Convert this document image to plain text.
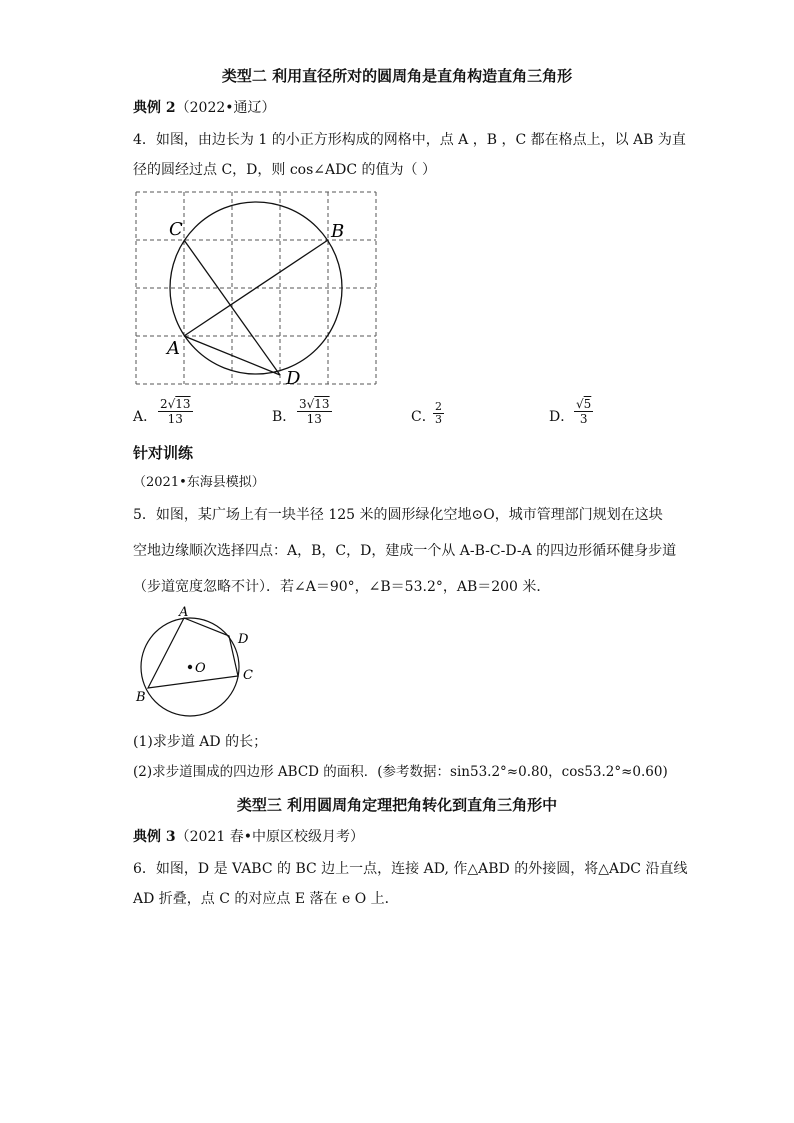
类型二 利用直径所对的圆周角是直角构造直角三角形
典例 2（2022•通辽）
4．如图，由边长为 1 的小正方形构成的网格中，点 A ，B ，C 都在格点上，以 AB 为直
径的圆经过点 C，D，则 cos∠ADC 的值为（ ）
C	B
A
D
A． $\frac{2√13}{13}$	B． $\frac{3√13}{13}$	C．
$\frac{2}{3}$	D． $\frac{√5}{3}$
针对训练
（2021•东海县模拟）
5．如图，某广场上有一块半径 125 米的圆形绿化空地⊙O，城市管理部门规划在这块
空地边缘顺次选择四点：A，B，C，D，建成一个从 A-B-C-D-A 的四边形循环健身步道
（步道宽度忽略不计）．若∠A＝90°，∠B＝53.2°，AB＝200 米．
O
A
D
C
B
(1)求步道 AD 的长；
(2)求步道围成的四边形 ABCD 的面积．(参考数据：sin53.2°≈0.80，cos53.2°≈0.60)
类型三 利用圆周角定理把角转化到直角三角形中
典例 3（2021 春•中原区校级月考）
6．如图，D 是 VABC 的 BC 边上一点，连接 AD, 作△ABD 的外接圆，将△ADC 沿直线
AD 折叠，点 C 的对应点 E 落在 e O 上．
